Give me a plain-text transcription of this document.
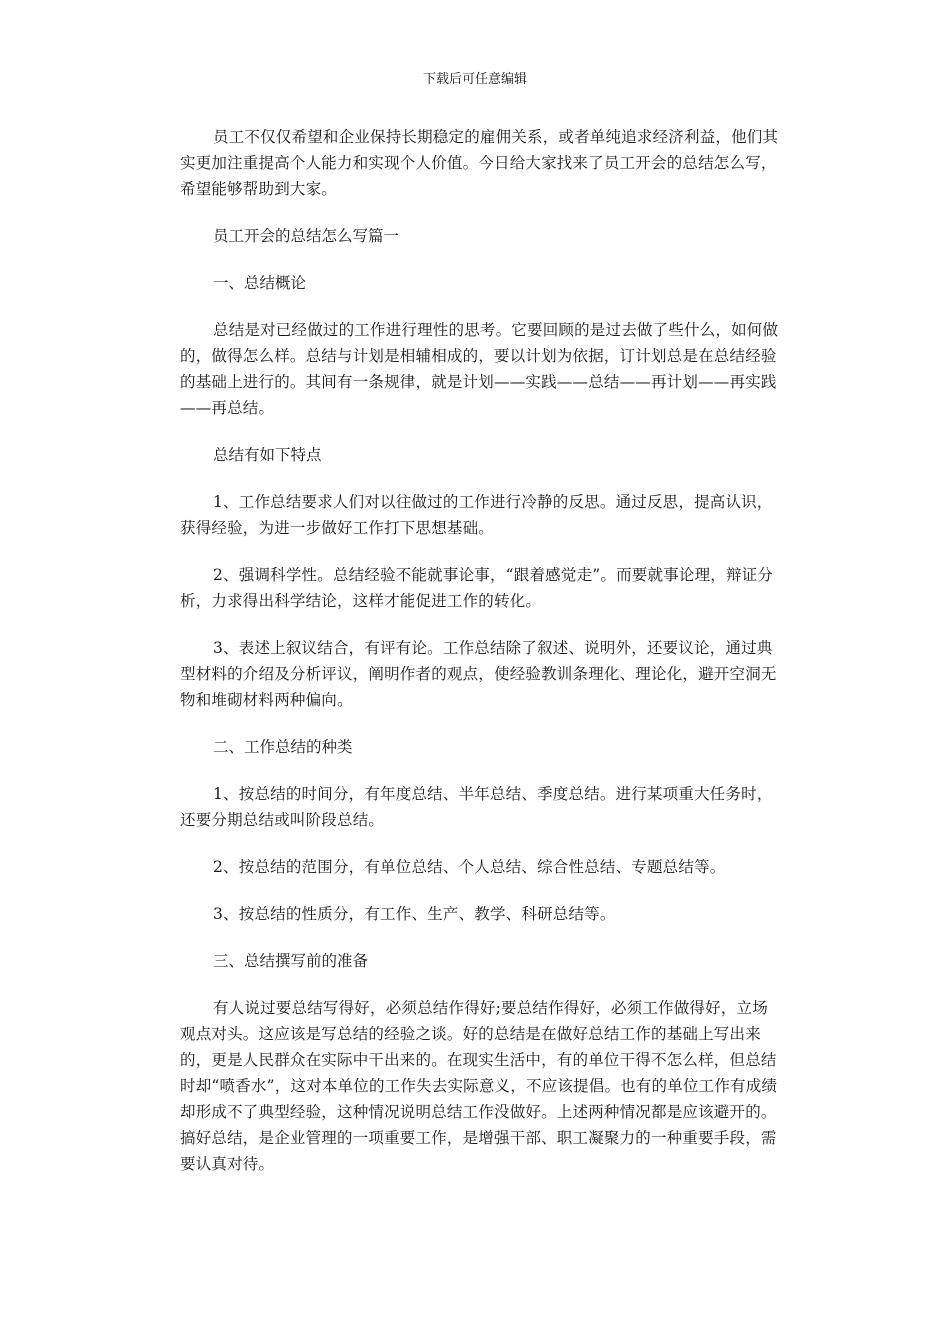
下载后可任意编辑

员工不仅仅希望和企业保持长期稳定的雇佣关系，或者单纯追求经济利益，他们其实更加注重提高个人能力和实现个人价值。今日给大家找来了员工开会的总结怎么写，希望能够帮助到大家。

员工开会的总结怎么写篇一

一、总结概论

总结是对已经做过的工作进行理性的思考。它要回顾的是过去做了些什么，如何做的，做得怎么样。总结与计划是相辅相成的，要以计划为依据，订计划总是在总结经验的基础上进行的。其间有一条规律，就是计划——实践——总结——再计划——再实践——再总结。

总结有如下特点

1、工作总结要求人们对以往做过的工作进行冷静的反思。通过反思，提高认识，获得经验，为进一步做好工作打下思想基础。

2、强调科学性。总结经验不能就事论事，“跟着感觉走”。而要就事论理，辩证分析，力求得出科学结论，这样才能促进工作的转化。

3、表述上叙议结合，有评有论。工作总结除了叙述、说明外，还要议论，通过典型材料的介绍及分析评议，阐明作者的观点，使经验教训条理化、理论化，避开空洞无物和堆砌材料两种偏向。

二、工作总结的种类

1、按总结的时间分，有年度总结、半年总结、季度总结。进行某项重大任务时，还要分期总结或叫阶段总结。

2、按总结的范围分，有单位总结、个人总结、综合性总结、专题总结等。

3、按总结的性质分，有工作、生产、教学、科研总结等。

三、总结撰写前的准备

有人说过要总结写得好，必须总结作得好;要总结作得好，必须工作做得好，立场观点对头。这应该是写总结的经验之谈。好的总结是在做好总结工作的基础上写出来的，更是人民群众在实际中干出来的。在现实生活中，有的单位干得不怎么样，但总结时却“喷香水”，这对本单位的工作失去实际意义，不应该提倡。也有的单位工作有成绩却形成不了典型经验，这种情况说明总结工作没做好。上述两种情况都是应该避开的。搞好总结，是企业管理的一项重要工作，是增强干部、职工凝聚力的一种重要手段，需要认真对待。
